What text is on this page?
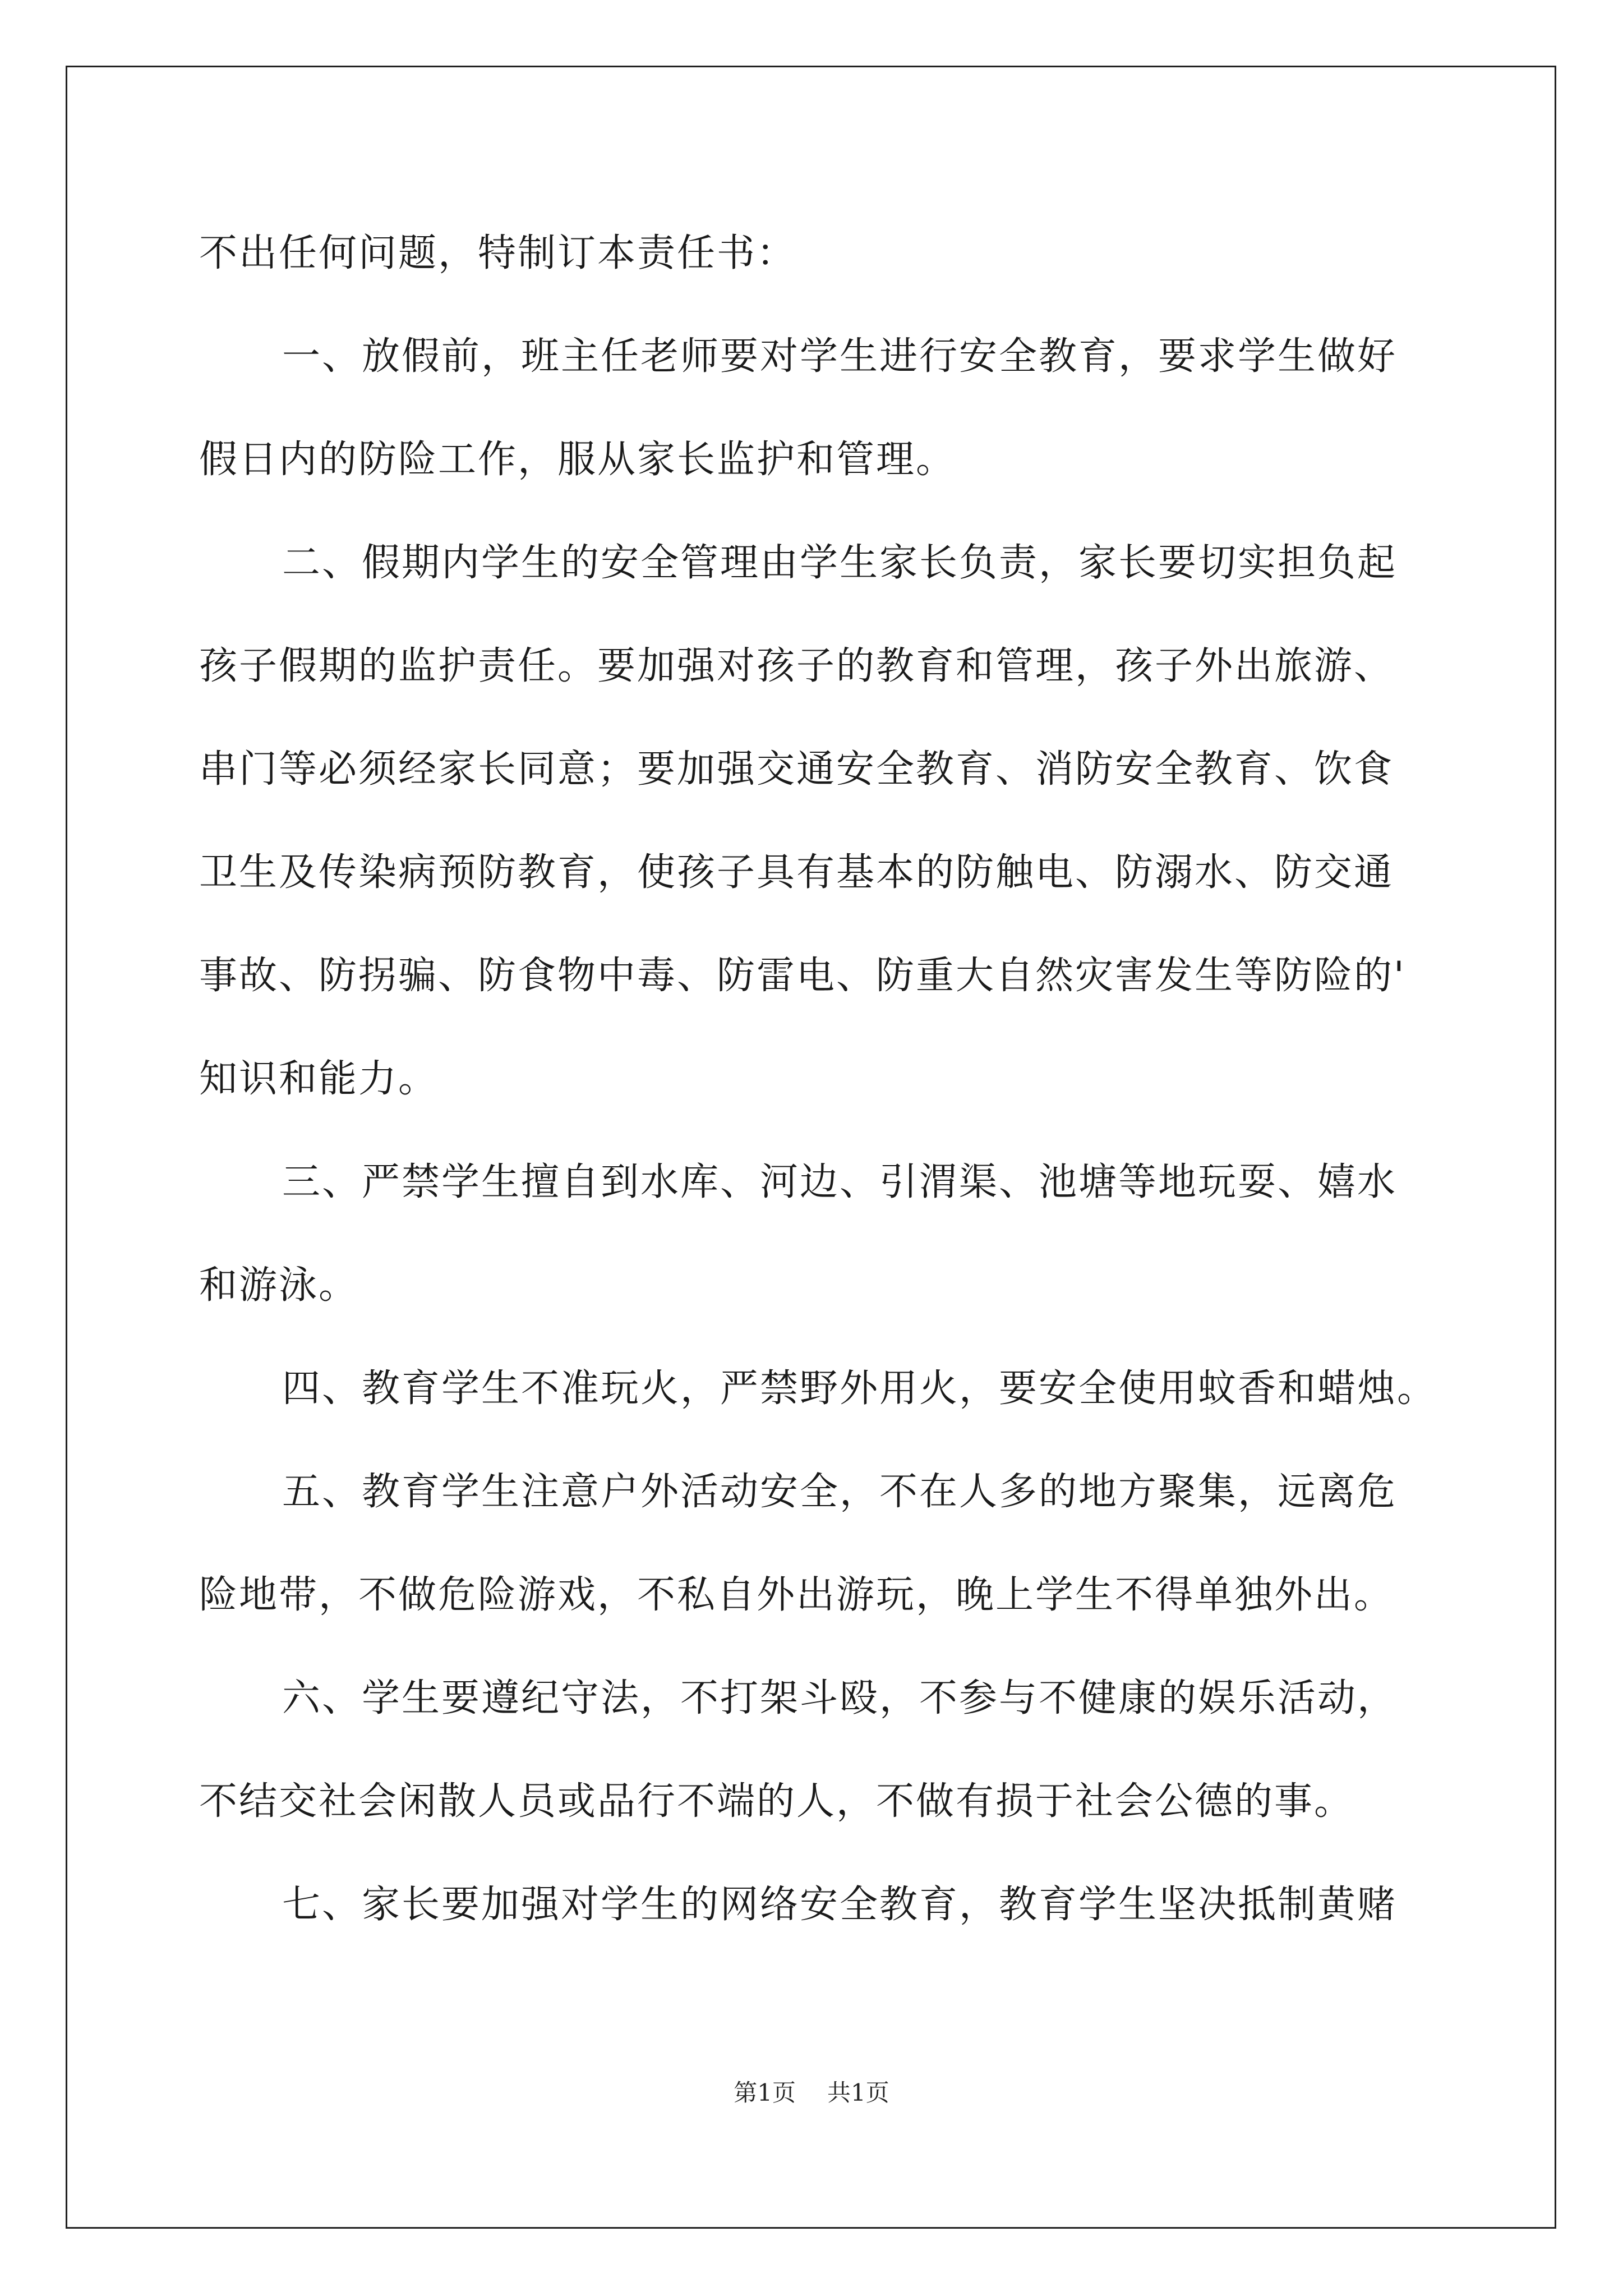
不出任何问题，特制订本责任书：
一、放假前，班主任老师要对学生进行安全教育，要求学生做好
假日内的防险工作，服从家长监护和管理。
二、假期内学生的安全管理由学生家长负责，家长要切实担负起
孩子假期的监护责任。要加强对孩子的教育和管理，孩子外出旅游、
串门等必须经家长同意；要加强交通安全教育、消防安全教育、饮食
卫生及传染病预防教育，使孩子具有基本的防触电、防溺水、防交通
事故、防拐骗、防食物中毒、防雷电、防重大自然灾害发生等防险的'
知识和能力。
三、严禁学生擅自到水库、河边、引渭渠、池塘等地玩耍、嬉水
和游泳。
四、教育学生不准玩火，严禁野外用火，要安全使用蚊香和蜡烛。
五、教育学生注意户外活动安全，不在人多的地方聚集，远离危
险地带，不做危险游戏，不私自外出游玩，晚上学生不得单独外出。
六、学生要遵纪守法，不打架斗殴，不参与不健康的娱乐活动，
不结交社会闲散人员或品行不端的人，不做有损于社会公德的事。
七、家长要加强对学生的网络安全教育，教育学生坚决抵制黄赌
第1页 共1页
